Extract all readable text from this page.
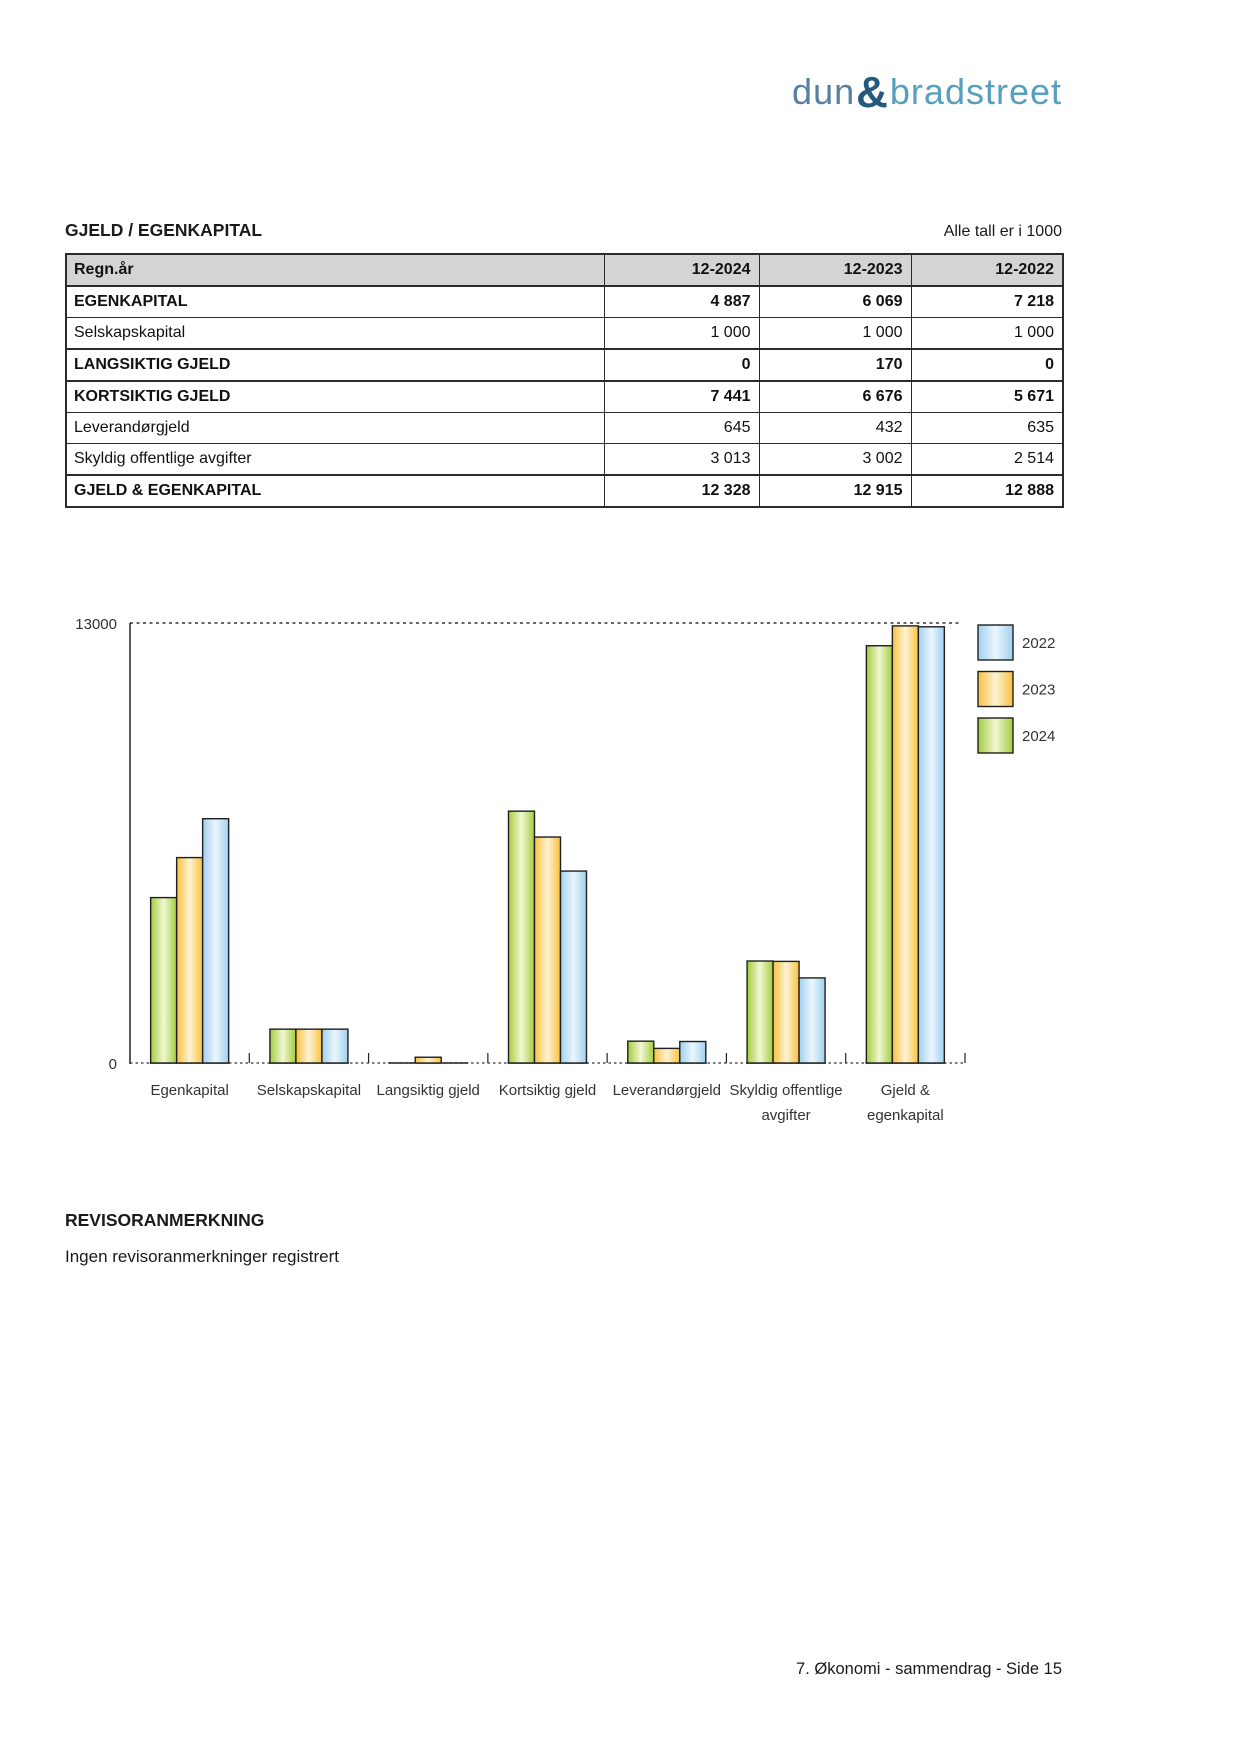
dun&bradstreet
GJELD / EGENKAPITAL	Alle tall er i 1000
Regn.år	12-2024	12-2023	12-2022
EGENKAPITAL	4 887	6 069	7 218
Selskapskapital	1 000	1 000	1 000
LANGSIKTIG GJELD	0	170	0
KORTSIKTIG GJELD	7 441	6 676	5 671
Leverandørgjeld	645	432	635
Skyldig offentlige avgifter	3 013	3 002	2 514
GJELD & EGENKAPITAL	12 328	12 915	12 888
13000
0
Egenkapital Selskapskapital Langsiktig gjeld Kortsiktig gjeld Leverandørgjeld Skyldig offentlige avgifter
Gjeld & egenkapital
2022
2023
2024
REVISORANMERKNING
Ingen revisoranmerkninger registrert
7. Økonomi - sammendrag - Side 15
